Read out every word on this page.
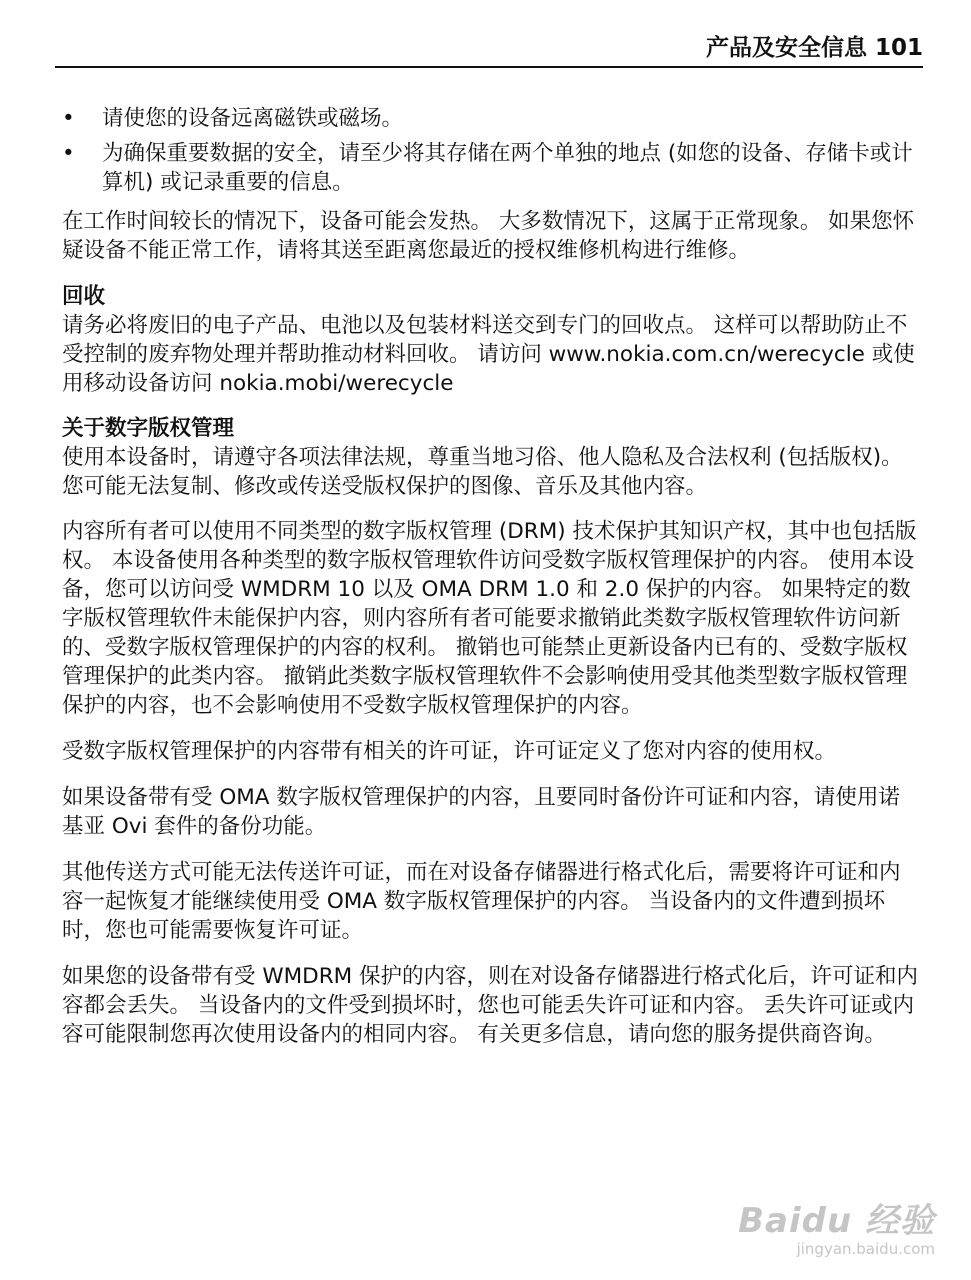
产品及安全信息 101
• 请使您的设备远离磁铁或磁场。
• 为确保重要数据的安全，请至少将其存储在两个单独的地点 (如您的设备、存储卡或计算机) 或记录重要的信息。

在工作时间较长的情况下，设备可能会发热。 大多数情况下，这属于正常现象。 如果您怀疑设备不能正常工作，请将其送至距离您最近的授权维修机构进行维修。

回收

请务必将废旧的电子产品、电池以及包装材料送交到专门的回收点。 这样可以帮助防止不受控制的废弃物处理并帮助推动材料回收。 请访问 www.nokia.com.cn/werecycle 或使用移动设备访问 nokia.mobi/werecycle

关于数字版权管理

使用本设备时，请遵守各项法律法规，尊重当地习俗、他人隐私及合法权利 (包括版权)。 您可能无法复制、修改或传送受版权保护的图像、音乐及其他内容。

内容所有者可以使用不同类型的数字版权管理 (DRM) 技术保护其知识产权，其中也包括版权。 本设备使用各种类型的数字版权管理软件访问受数字版权管理保护的内容。 使用本设备，您可以访问受 WMDRM 10 以及 OMA DRM 1.0 和 2.0 保护的内容。 如果特定的数字版权管理软件未能保护内容，则内容所有者可能要求撤销此类数字版权管理软件访问新的、受数字版权管理保护的内容的权利。 撤销也可能禁止更新设备内已有的、受数字版权管理保护的此类内容。 撤销此类数字版权管理软件不会影响使用受其他类型数字版权管理保护的内容，也不会影响使用不受数字版权管理保护的内容。

受数字版权管理保护的内容带有相关的许可证，许可证定义了您对内容的使用权。

如果设备带有受 OMA 数字版权管理保护的内容，且要同时备份许可证和内容，请使用诺基亚 Ovi 套件的备份功能。

其他传送方式可能无法传送许可证，而在对设备存储器进行格式化后，需要将许可证和内容一起恢复才能继续使用受 OMA 数字版权管理保护的内容。 当设备内的文件遭到损坏时，您也可能需要恢复许可证。

如果您的设备带有受 WMDRM 保护的内容，则在对设备存储器进行格式化后，许可证和内容都会丢失。 当设备内的文件受到损坏时，您也可能丢失许可证和内容。 丢失许可证或内容可能限制您再次使用设备内的相同内容。 有关更多信息，请向您的服务提供商咨询。

Baidu 经验
jingyan.baidu.com
